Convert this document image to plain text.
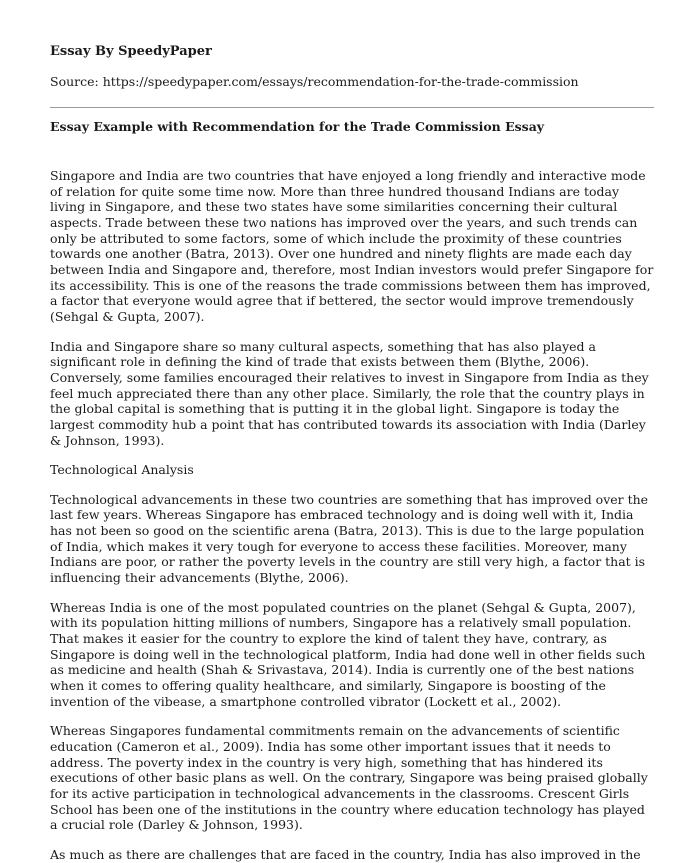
Essay By SpeedyPaper

Source: https://speedypaper.com/essays/recommendation-for-the-trade-commission

Essay Example with Recommendation for the Trade Commission Essay

Singapore and India are two countries that have enjoyed a long friendly and interactive mode of relation for quite some time now. More than three hundred thousand Indians are today living in Singapore, and these two states have some similarities concerning their cultural aspects. Trade between these two nations has improved over the years, and such trends can only be attributed to some factors, some of which include the proximity of these countries towards one another (Batra, 2013). Over one hundred and ninety flights are made each day between India and Singapore and, therefore, most Indian investors would prefer Singapore for its accessibility. This is one of the reasons the trade commissions between them has improved, a factor that everyone would agree that if bettered, the sector would improve tremendously (Sehgal & Gupta, 2007).

India and Singapore share so many cultural aspects, something that has also played a significant role in defining the kind of trade that exists between them (Blythe, 2006). Conversely, some families encouraged their relatives to invest in Singapore from India as they feel much appreciated there than any other place. Similarly, the role that the country plays in the global capital is something that is putting it in the global light. Singapore is today the largest commodity hub a point that has contributed towards its association with India (Darley & Johnson, 1993).

Technological Analysis

Technological advancements in these two countries are something that has improved over the last few years. Whereas Singapore has embraced technology and is doing well with it, India has not been so good on the scientific arena (Batra, 2013). This is due to the large population of India, which makes it very tough for everyone to access these facilities. Moreover, many Indians are poor, or rather the poverty levels in the country are still very high, a factor that is influencing their advancements (Blythe, 2006).

Whereas India is one of the most populated countries on the planet (Sehgal & Gupta, 2007), with its population hitting millions of numbers, Singapore has a relatively small population. That makes it easier for the country to explore the kind of talent they have, contrary, as Singapore is doing well in the technological platform, India had done well in other fields such as medicine and health (Shah & Srivastava, 2014). India is currently one of the best nations when it comes to offering quality healthcare, and similarly, Singapore is boosting of the invention of the vibease, a smartphone controlled vibrator (Lockett et al., 2002).

Whereas Singapores fundamental commitments remain on the advancements of scientific education (Cameron et al., 2009). India has some other important issues that it needs to address. The poverty index in the country is very high, something that has hindered its executions of other basic plans as well. On the contrary, Singapore was being praised globally for its active participation in technological advancements in the classrooms. Crescent Girls School has been one of the institutions in the country where education technology has played a crucial role (Darley & Johnson, 1993).

As much as there are challenges that are faced in the country, India has also improved in the
